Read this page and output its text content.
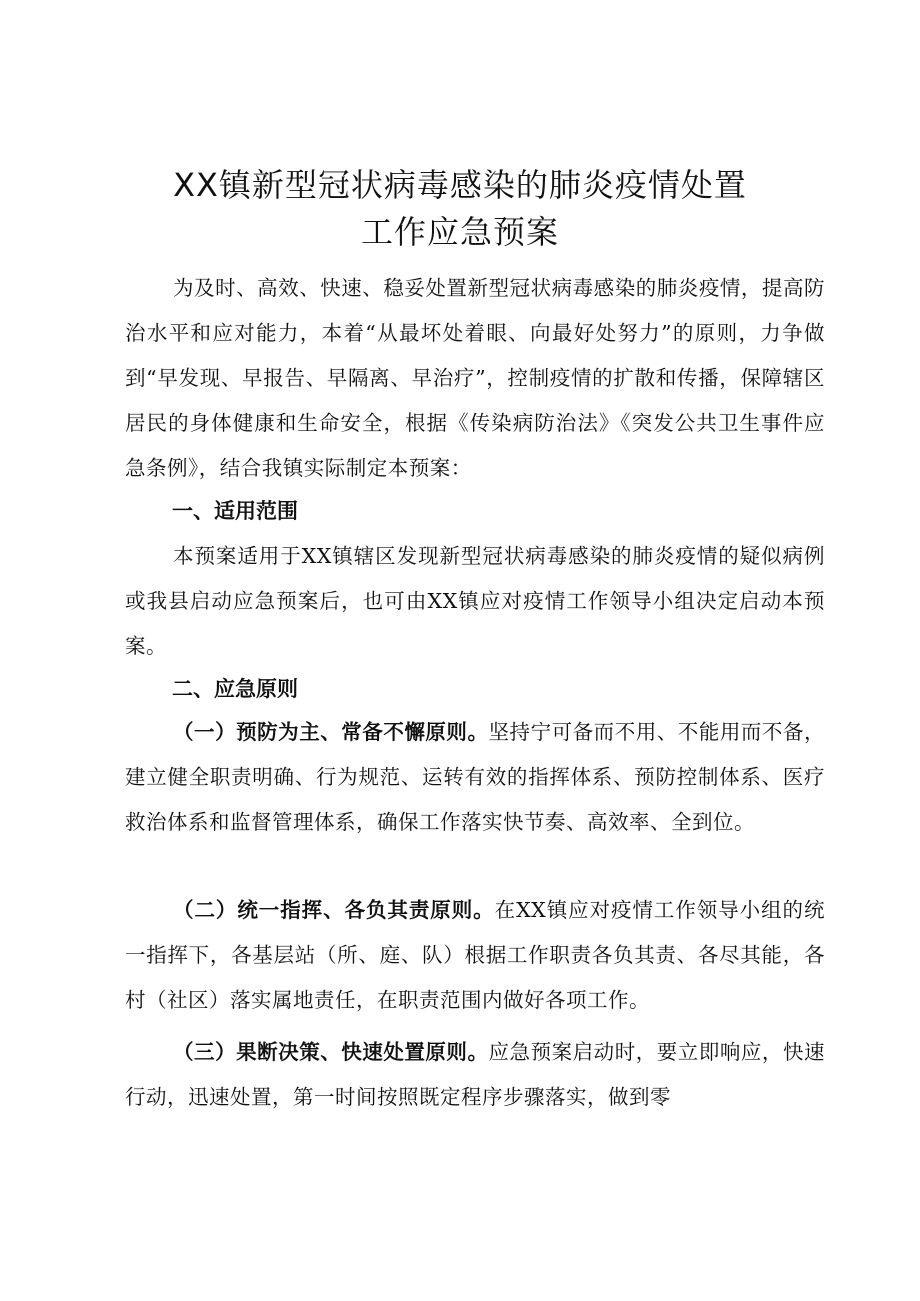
XX镇新型冠状病毒感染的肺炎疫情处置
工作应急预案

为及时、高效、快速、稳妥处置新型冠状病毒感染的肺炎疫情，提高防治水平和应对能力，本着“从最坏处着眼、向最好处努力”的原则，力争做到“早发现、早报告、早隔离、早治疗”，控制疫情的扩散和传播，保障辖区居民的身体健康和生命安全，根据《传染病防治法》《突发公共卫生事件应急条例》，结合我镇实际制定本预案：

一、适用范围

本预案适用于XX镇辖区发现新型冠状病毒感染的肺炎疫情的疑似病例或我县启动应急预案后，也可由XX镇应对疫情工作领导小组决定启动本预案。

二、应急原则

（一）预防为主、常备不懈原则。坚持宁可备而不用、不能用而不备，建立健全职责明确、行为规范、运转有效的指挥体系、预防控制体系、医疗救治体系和监督管理体系，确保工作落实快节奏、高效率、全到位。

（二）统一指挥、各负其责原则。在XX镇应对疫情工作领导小组的统一指挥下，各基层站（所、庭、队）根据工作职责各负其责、各尽其能，各村（社区）落实属地责任，在职责范围内做好各项工作。

（三）果断决策、快速处置原则。应急预案启动时，要立即响应，快速行动，迅速处置，第一时间按照既定程序步骤落实，做到零
